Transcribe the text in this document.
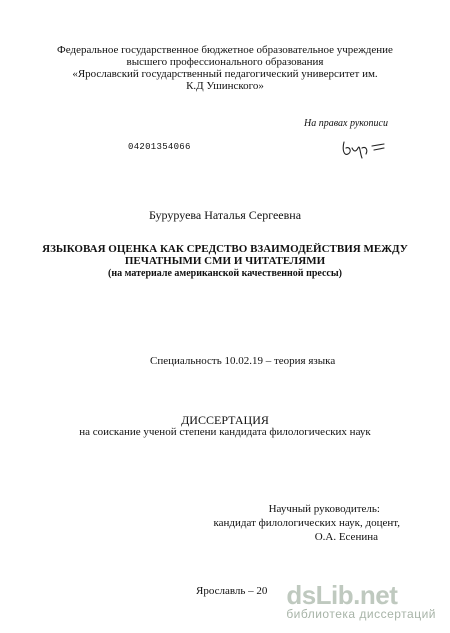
Федеральное государственное бюджетное образовательное учреждение
высшего профессионального образования
«Ярославский государственный педагогический университет им.
К.Д Ушинского»
На правах рукописи
04201354066
Буруруева Наталья Сергеевна
ЯЗЫКОВАЯ ОЦЕНКА КАК СРЕДСТВО ВЗАИМОДЕЙСТВИЯ МЕЖДУ
ПЕЧАТНЫМИ СМИ И ЧИТАТЕЛЯМИ
(на материале американской качественной прессы)
Специальность 10.02.19 – теория языка
ДИССЕРТАЦИЯ
на соискание ученой степени кандидата филологических наук
Научный руководитель:
кандидат филологических наук, доцент,
О.А. Есенина
Ярославль – 20 dsLib.net
библиотека диссертаций
